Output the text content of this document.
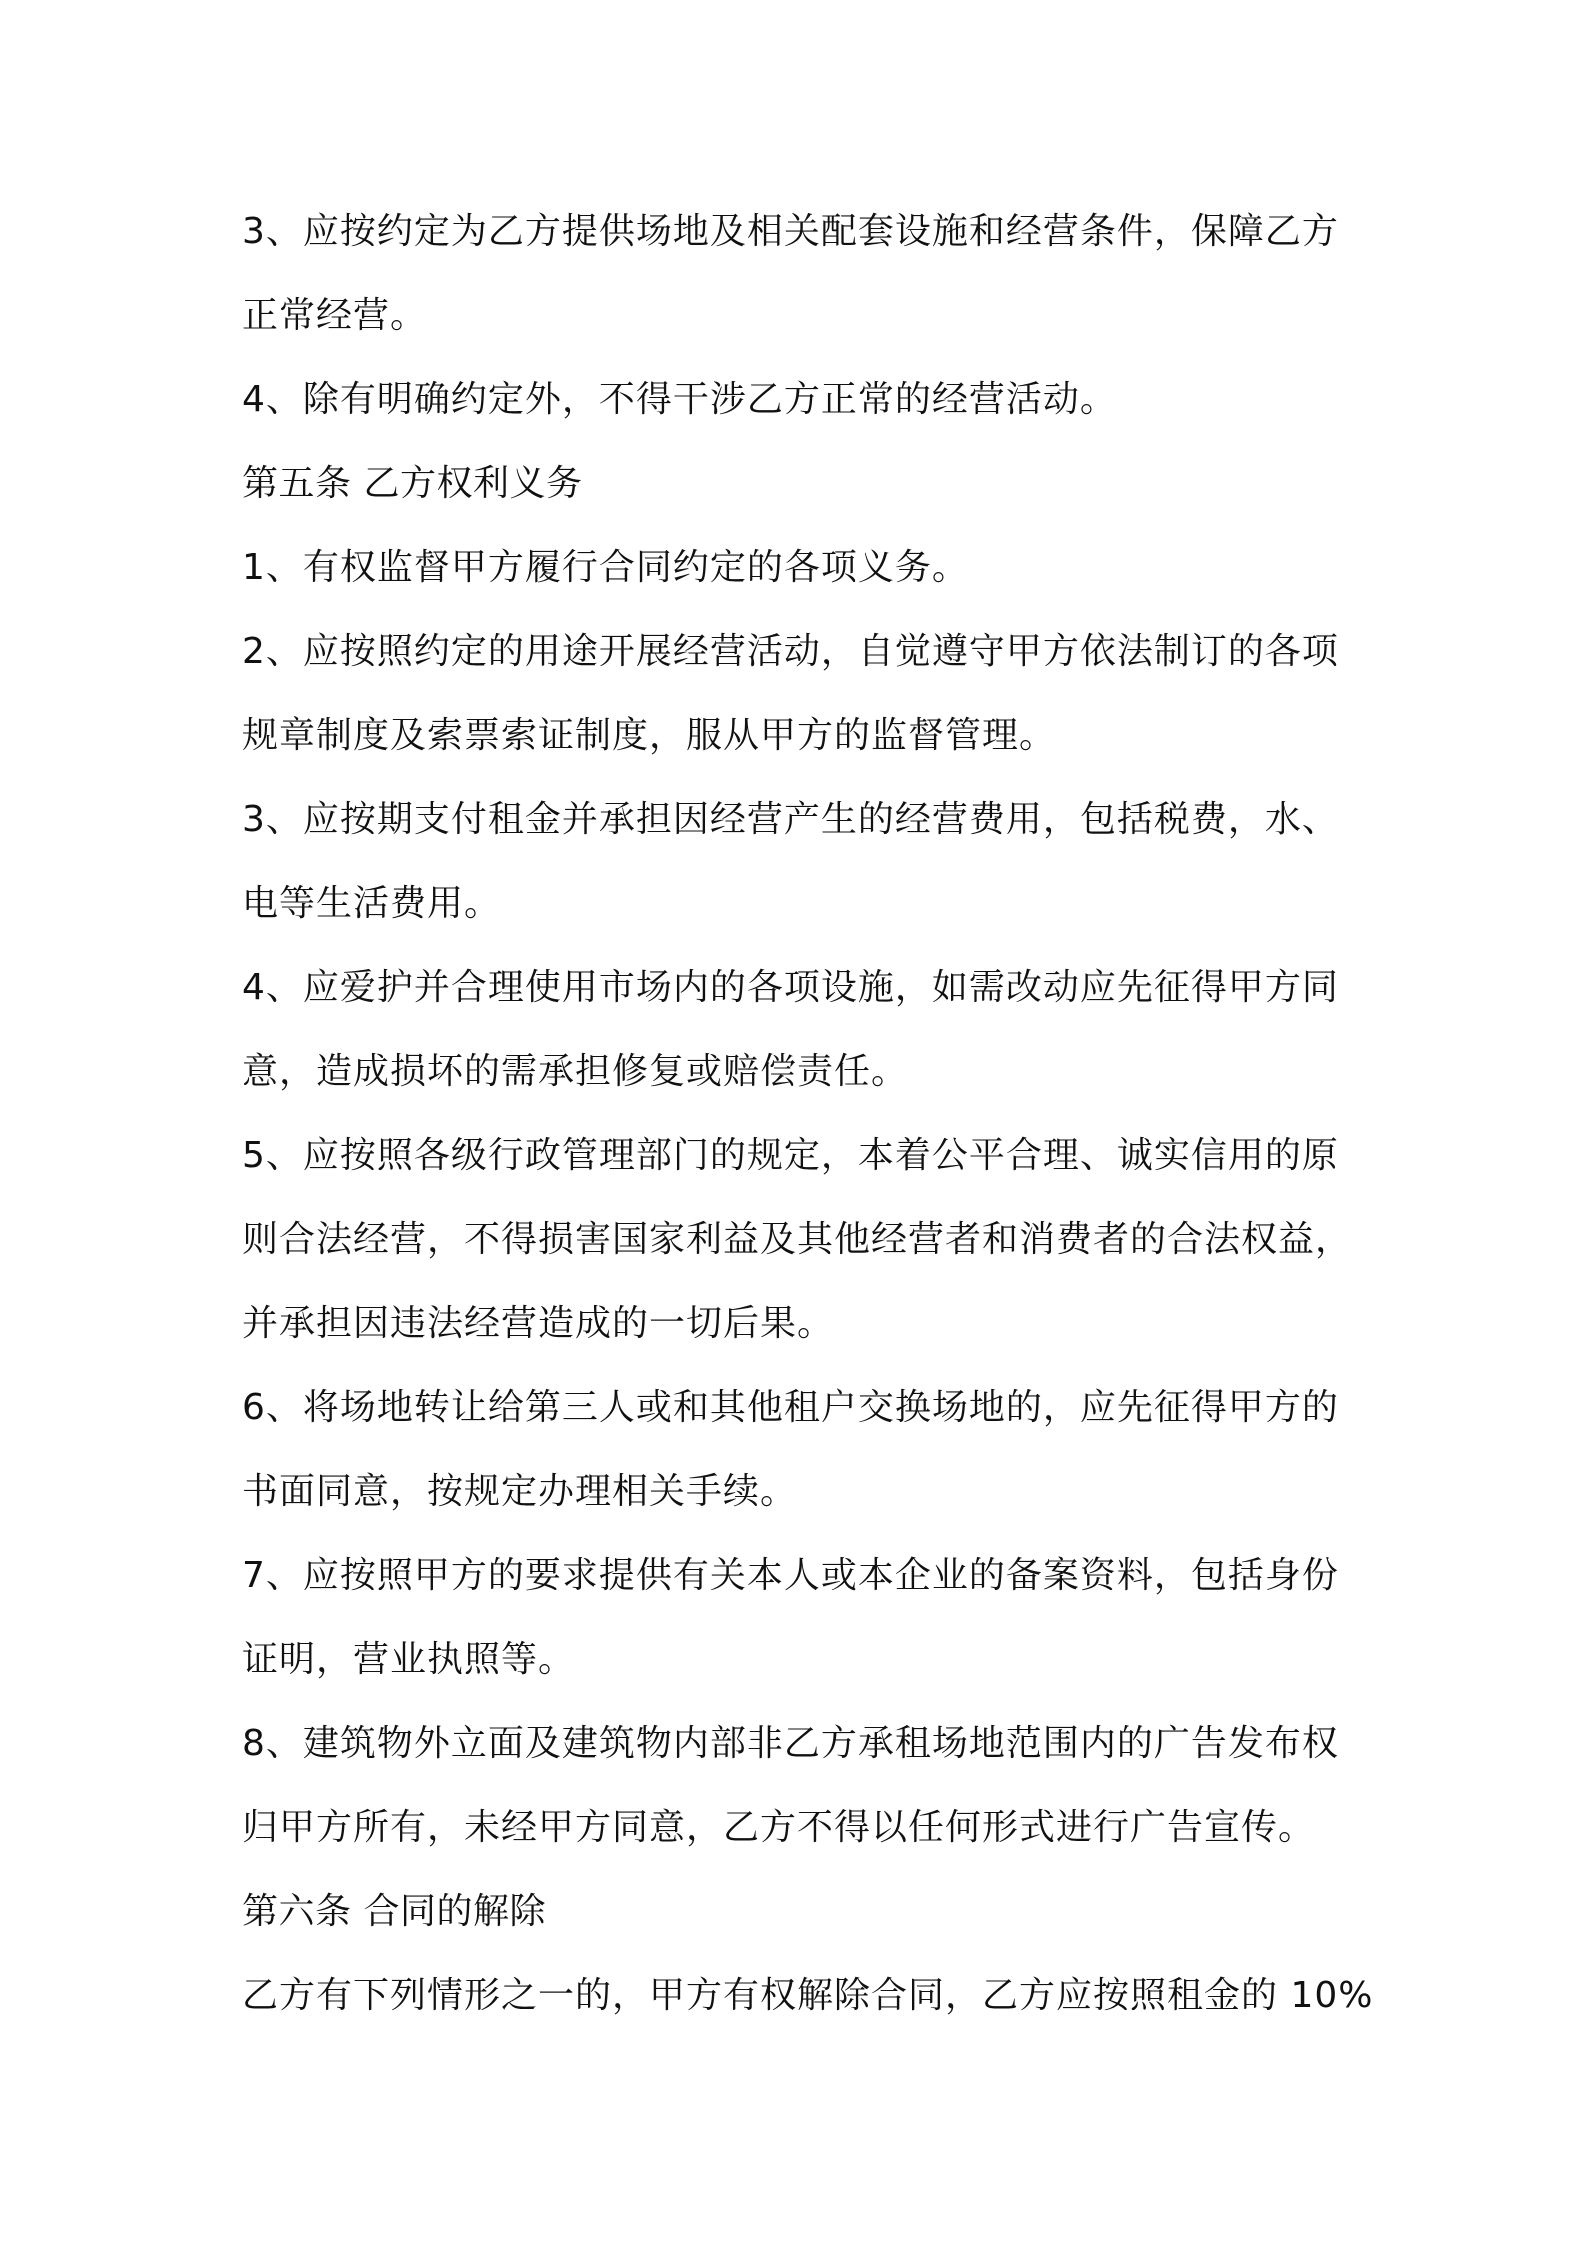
3、应按约定为乙方提供场地及相关配套设施和经营条件，保障乙方
正常经营。
4、除有明确约定外，不得干涉乙方正常的经营活动。
第五条 乙方权利义务
1、有权监督甲方履行合同约定的各项义务。
2、应按照约定的用途开展经营活动，自觉遵守甲方依法制订的各项
规章制度及索票索证制度，服从甲方的监督管理。
3、应按期支付租金并承担因经营产生的经营费用，包括税费，水、
电等生活费用。
4、应爱护并合理使用市场内的各项设施，如需改动应先征得甲方同
意，造成损坏的需承担修复或赔偿责任。
5、应按照各级行政管理部门的规定，本着公平合理、诚实信用的原
则合法经营，不得损害国家利益及其他经营者和消费者的合法权益，
并承担因违法经营造成的一切后果。
6、将场地转让给第三人或和其他租户交换场地的，应先征得甲方的
书面同意，按规定办理相关手续。
7、应按照甲方的要求提供有关本人或本企业的备案资料，包括身份
证明，营业执照等。
8、建筑物外立面及建筑物内部非乙方承租场地范围内的广告发布权
归甲方所有，未经甲方同意，乙方不得以任何形式进行广告宣传。
第六条 合同的解除
乙方有下列情形之一的，甲方有权解除合同，乙方应按照租金的 10%
